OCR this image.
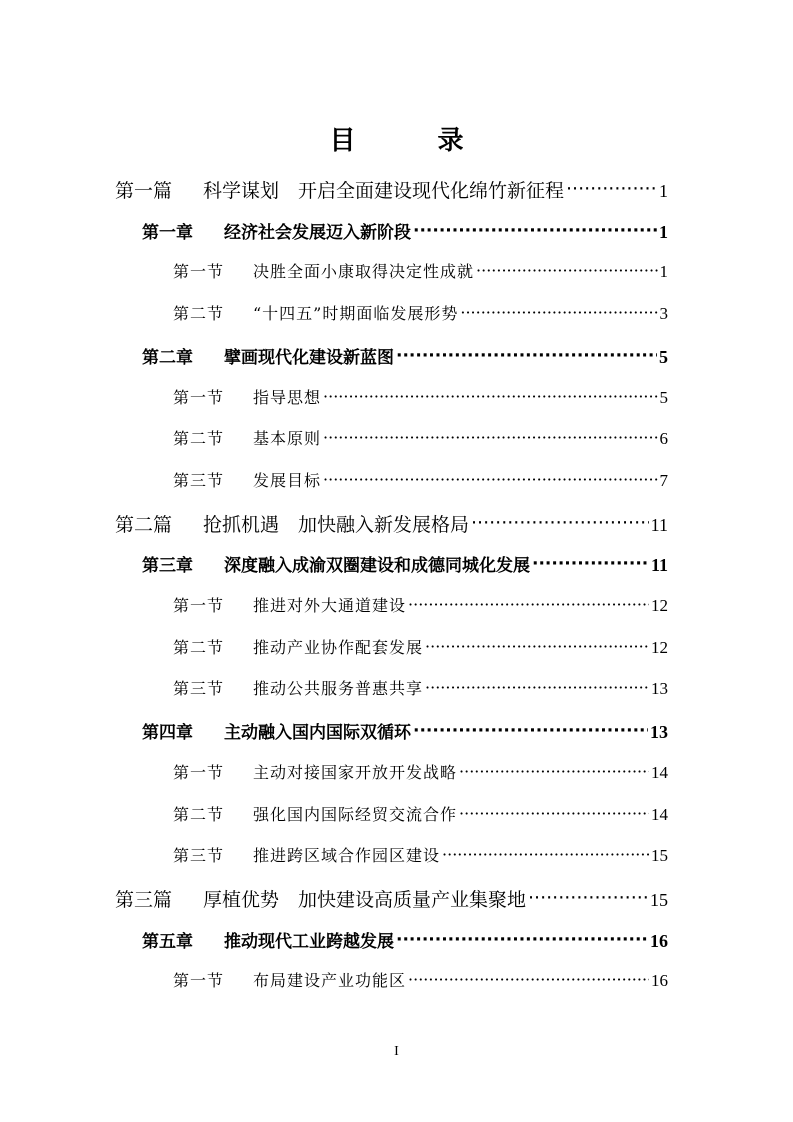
目　录
第一篇 科学谋划　开启全面建设现代化绵竹新征程 ·····	1
第一章 经济社会发展迈入新阶段 ·····	1
第一节 决胜全面小康取得决定性成就 ·····	1
第二节 “十四五”时期面临发展形势 ·····	3
第二章 擘画现代化建设新蓝图 ·····	5
第一节 指导思想 ·····	5
第二节 基本原则 ·····	6
第三节 发展目标 ·····	7
第二篇 抢抓机遇　加快融入新发展格局 ·····	11
第三章 深度融入成渝双圈建设和成德同城化发展 ·····	11
第一节 推进对外大通道建设 ·····	12
第二节 推动产业协作配套发展 ·····	12
第三节 推动公共服务普惠共享 ·····	13
第四章 主动融入国内国际双循环 ·····	13
第一节 主动对接国家开放开发战略 ·····	14
第二节 强化国内国际经贸交流合作 ·····	14
第三节 推进跨区域合作园区建设 ·····	15
第三篇 厚植优势　加快建设高质量产业集聚地 ·····	15
第五章 推动现代工业跨越发展 ·····	16
第一节 布局建设产业功能区 ·····	16
I
